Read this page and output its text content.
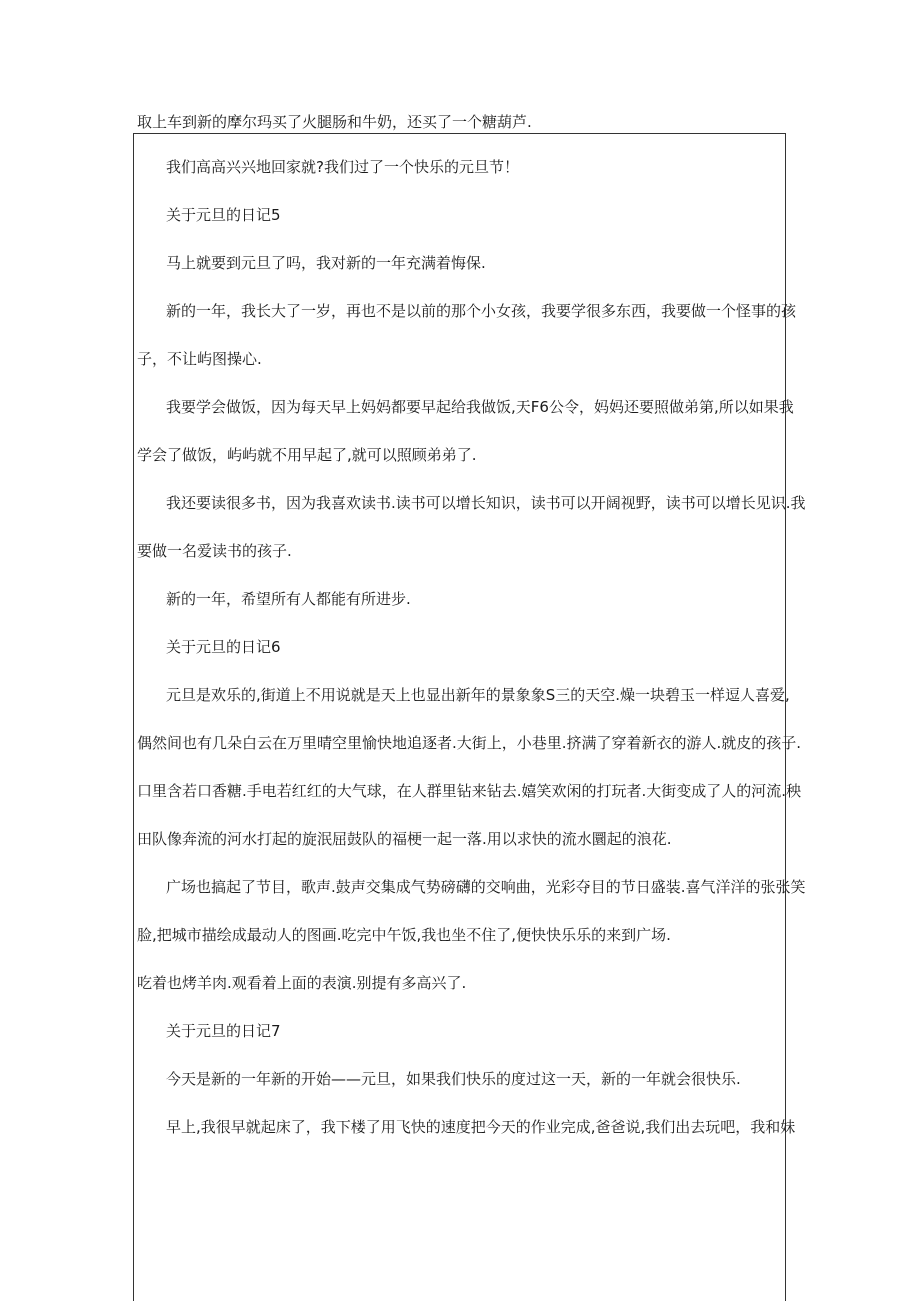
取上车到新的摩尔玛买了火腿肠和牛奶，还买了一个糖葫芦.
我们高高兴兴地回家就?我们过了一个快乐的元旦节！
关于元旦的日记5
马上就要到元旦了吗，我对新的一年充满着悔保.
新的一年，我长大了一岁，再也不是以前的那个小女孩，我要学很多东西，我要做一个怪事的孩
子，不让屿图操心.
我要学会做饭，因为每天早上妈妈都要早起给我做饭,天F6公令，妈妈还要照做弟第,所以如果我
学会了做饭，屿屿就不用早起了,就可以照顾弟弟了.
我还要读很多书，因为我喜欢读书.读书可以增长知识，读书可以开阔视野，读书可以增长见识.我
要做一名爱读书的孩子.
新的一年，希望所有人都能有所进步.
关于元旦的日记6
元旦是欢乐的,街道上不用说就是天上也显出新年的景象象S三的天空.燥一块碧玉一样逗人喜爱,
偶然间也有几朵白云在万里晴空里愉快地追逐者.大街上，小巷里.挤满了穿着新衣的游人.就皮的孩子.
口里含若口香糖.手电若红红的大气球，在人群里钻来钻去.嬉笑欢闲的打玩者.大街变成了人的河流.秧
田队像奔流的河水打起的旋泯屈鼓队的福梗一起一落.用以求快的流水圜起的浪花.
广场也搞起了节目，歌声.鼓声交集成气势磅礴的交响曲，光彩夺目的节日盛装.喜气洋洋的张张笑
脸,把城市描绘成最动人的图画.吃完中午饭,我也坐不住了,便快快乐乐的来到广场.
吃着也烤羊肉.观看着上面的表演.别提有多高兴了.
关于元旦的日记7
今天是新的一年新的开始——元旦，如果我们快乐的度过这一天，新的一年就会很快乐.
早上,我很早就起床了，我下楼了用飞快的速度把今天的作业完成,爸爸说,我们出去玩吧，我和妹
